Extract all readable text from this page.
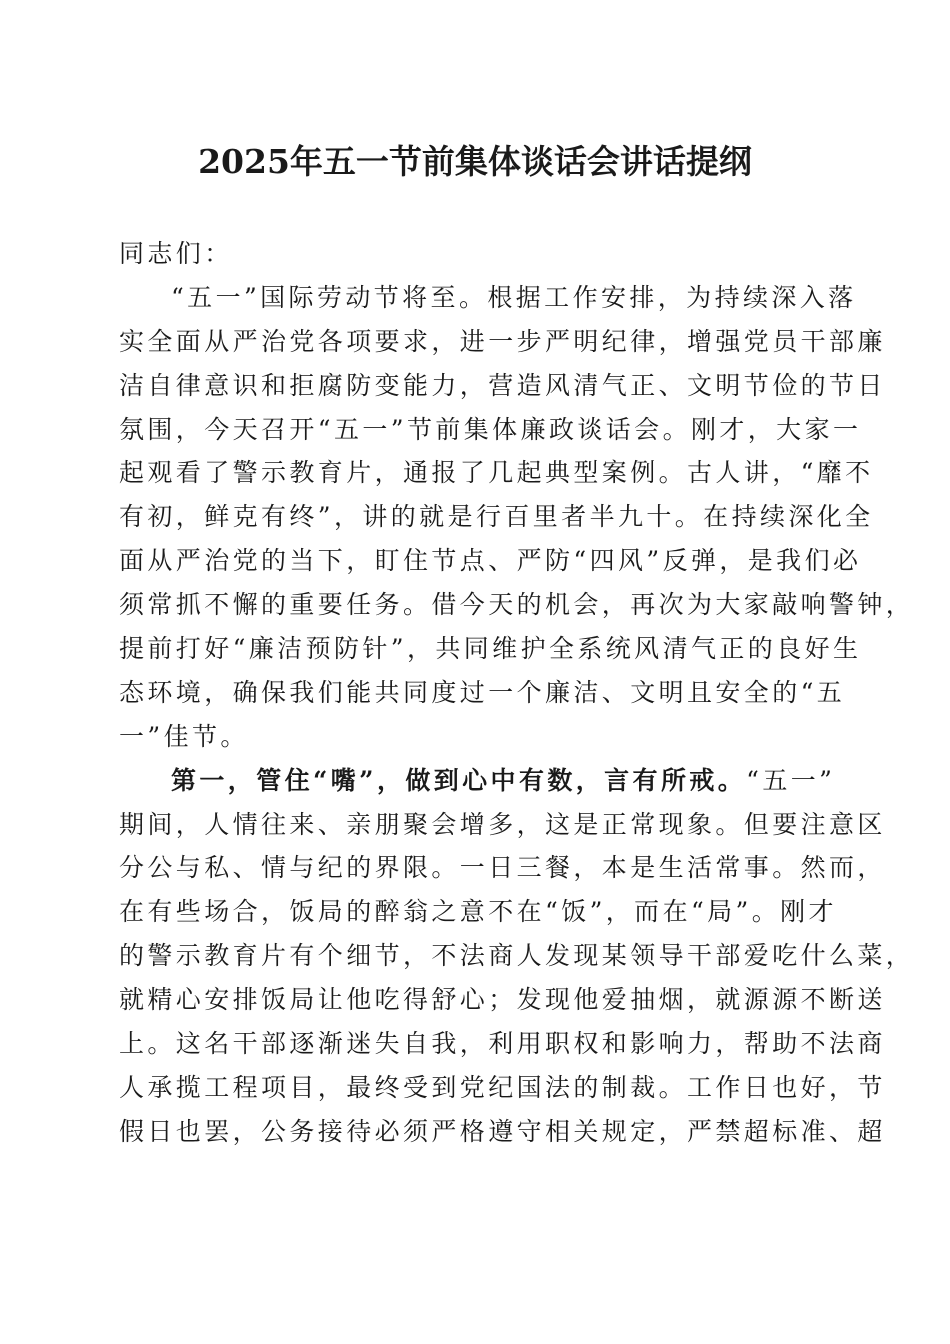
2025年五一节前集体谈话会讲话提纲
同志们：
“五一”国际劳动节将至。根据工作安排，为持续深入落
实全面从严治党各项要求，进一步严明纪律，增强党员干部廉
洁自律意识和拒腐防变能力，营造风清气正、文明节俭的节日
氛围，今天召开“五一”节前集体廉政谈话会。刚才，大家一
起观看了警示教育片，通报了几起典型案例。古人讲，“靡不
有初，鲜克有终”，讲的就是行百里者半九十。在持续深化全
面从严治党的当下，盯住节点、严防“四风”反弹，是我们必
须常抓不懈的重要任务。借今天的机会，再次为大家敲响警钟，
提前打好“廉洁预防针”，共同维护全系统风清气正的良好生
态环境，确保我们能共同度过一个廉洁、文明且安全的“五
一”佳节。
第一，管住“嘴”，做到心中有数，言有所戒。“五一”
期间，人情往来、亲朋聚会增多，这是正常现象。但要注意区
分公与私、情与纪的界限。一日三餐，本是生活常事。然而，
在有些场合，饭局的醉翁之意不在“饭”，而在“局”。刚才
的警示教育片有个细节，不法商人发现某领导干部爱吃什么菜，
就精心安排饭局让他吃得舒心；发现他爱抽烟，就源源不断送
上。这名干部逐渐迷失自我，利用职权和影响力，帮助不法商
人承揽工程项目，最终受到党纪国法的制裁。工作日也好，节
假日也罢，公务接待必须严格遵守相关规定，严禁超标准、超
